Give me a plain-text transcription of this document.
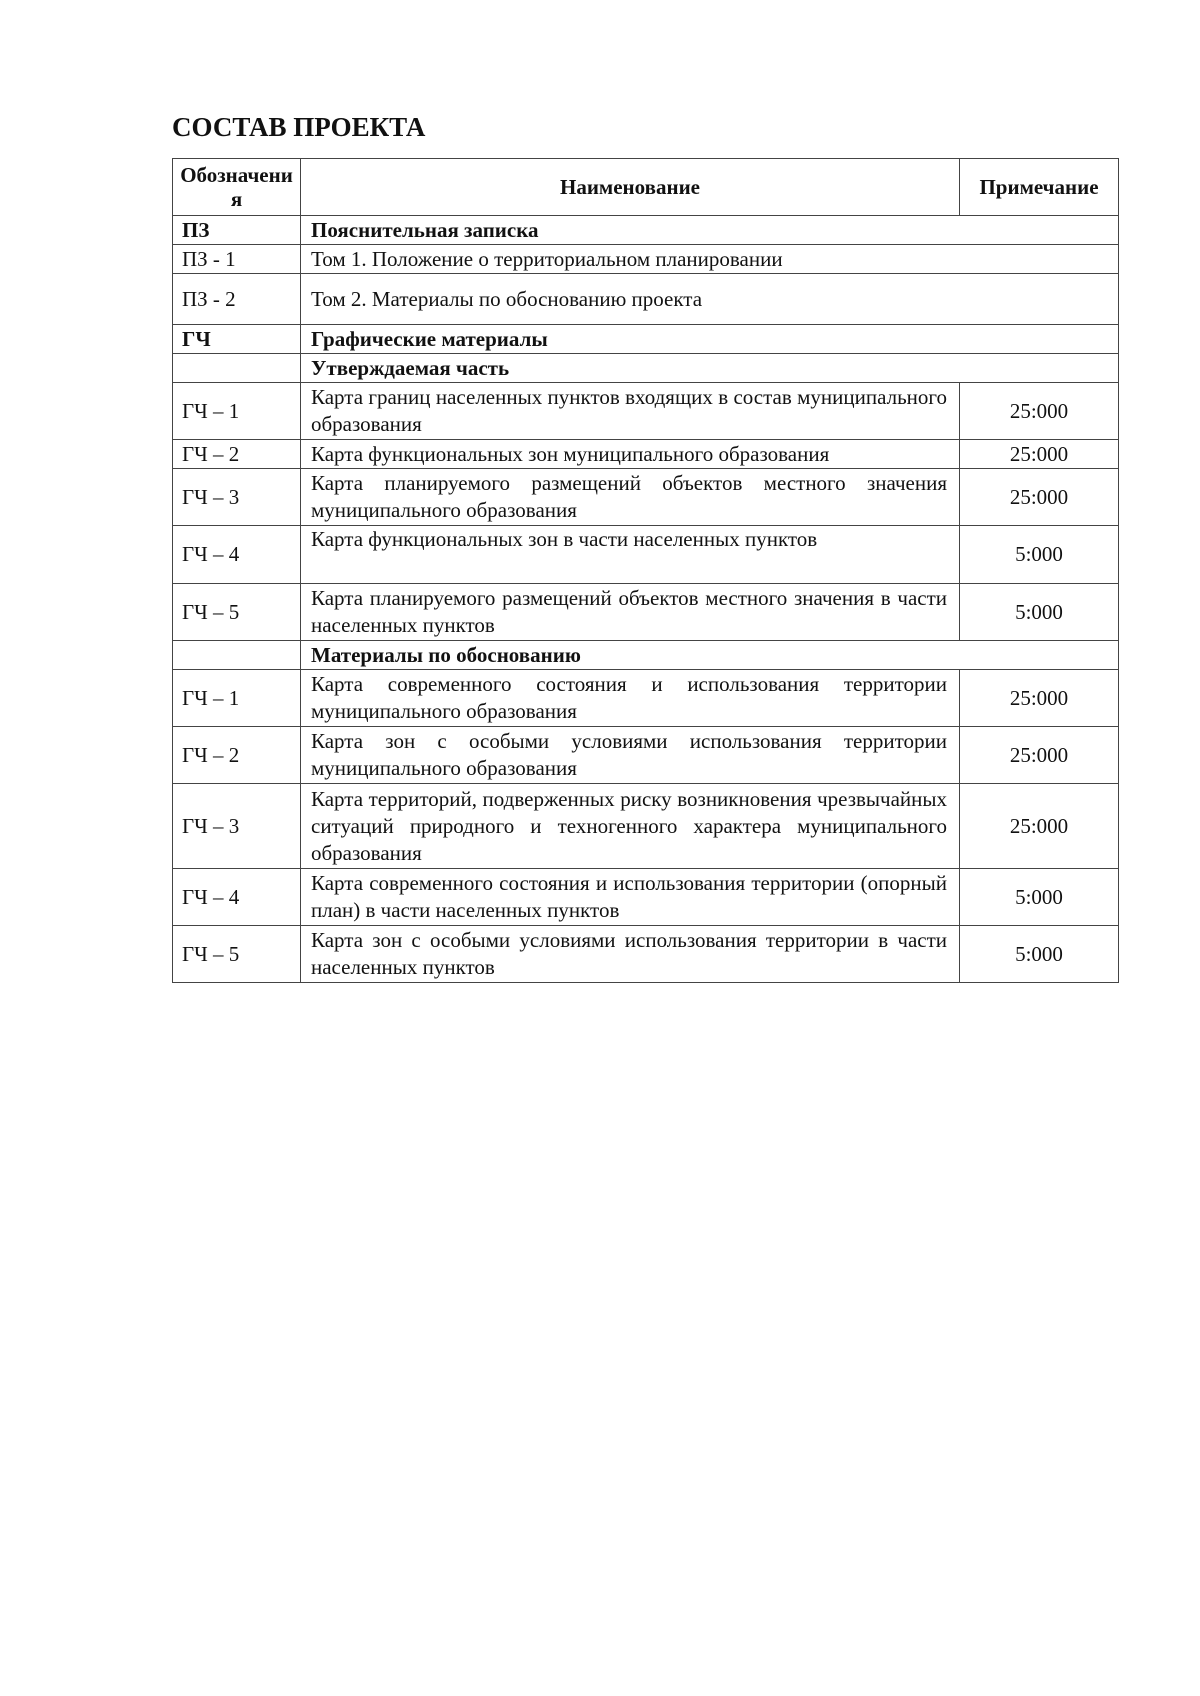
СОСТАВ ПРОЕКТА
Обозначения	Наименование	Примечание
ПЗ	Пояснительная записка	
ПЗ - 1	Том 1. Положение о территориальном планировании	
ПЗ - 2	Том 2. Материалы по обоснованию проекта	
ГЧ	Графические материалы	
	Утверждаемая часть	
ГЧ – 1	Карта границ населенных пунктов входящих в состав муниципального образования	25:000
ГЧ – 2	Карта функциональных зон муниципального образования	25:000
ГЧ – 3	Карта планируемого размещений объектов местного значения муниципального образования	25:000
ГЧ – 4	Карта функциональных зон в части населенных пунктов	5:000
ГЧ – 5	Карта планируемого размещений объектов местного значения в части населенных пунктов	5:000
	Материалы по обоснованию	
ГЧ – 1	Карта современного состояния и использования территории муниципального образования	25:000
ГЧ – 2	Карта зон с особыми условиями использования территории муниципального образования	25:000
ГЧ – 3	Карта территорий, подверженных риску возникновения чрезвычайных ситуаций природного и техногенного характера муниципального образования	25:000
ГЧ – 4	Карта современного состояния и использования территории (опорный план) в части населенных пунктов	5:000
ГЧ – 5	Карта зон с особыми условиями использования территории в части населенных пунктов	5:000
